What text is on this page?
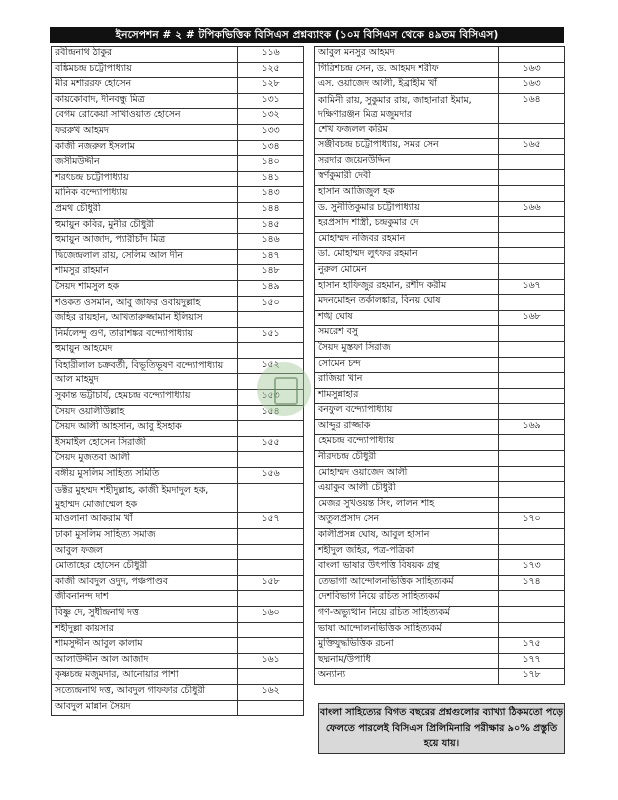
ইনসেপশন # ২ # টপিকভিত্তিক বিসিএস প্রশ্নব্যাংক (১০ম বিসিএস থেকে ৪৯তম বিসিএস)
রবীন্দ্রনাথ ঠাকুর	১১৬
বঙ্কিমচন্দ্র চট্টোপাধ্যায়	১২৫
মীর মশাররফ হোসেন	১২৮
কায়কোবাদ, দীনবন্ধু মিত্র	১৩১
বেগম রোকেয়া সাখাওয়াত হোসেন	১৩২
ফররুখ আহমদ	১৩৩
কাজী নজরুল ইসলাম	১৩৪
জসীমউদ্দীন	১৪০
শরৎচন্দ্র চট্টোপাধ্যায়	১৪১
মানিক বন্দ্যোপাধ্যায়	১৪৩
প্রমথ চৌধুরী	১৪৪
হুমায়ুন কবির, মুনীর চৌধুরী	১৪৫
হুমায়ুন আজাদ, প্যারীচাঁদ মিত্র	১৪৬
দ্বিজেন্দ্রলাল রায়, সেলিম আল দীন	১৪৭
শামসুর রাহমান	১৪৮
সৈয়দ শামসুল হক	১৪৯
শওকত ওসমান, আবু জাফর ওবায়দুল্লাহ	১৫০
জহির রায়হান, আখতারুজ্জামান ইলিয়াস	
নির্মলেন্দু গুণ, তারাশঙ্কর বন্দ্যোপাধ্যায়	১৫১
হুমায়ুন আহমেদ	
বিহারীলাল চক্রবর্তী, বিভূতিভূষণ বন্দ্যোপাধ্যায়	১৫২
আল মাহমুদ	
সুকান্ত ভট্টাচার্য, হেমচন্দ্র বন্দ্যোপাধ্যায়	১৫৩
সৈয়দ ওয়ালীউল্লাহ	১৫৪
সৈয়দ আলী আহসান, আবু ইসহাক	
ইসমাইল হোসেন সিরাজী	১৫৫
সৈয়দ মুজতবা আলী	
বঙ্গীয় মুসলিম সাহিত্য সমিতি	১৫৬
ডক্টর মুহম্মদ শহীদুল্লাহ, কাজী ইমদাদুল হক, মুহাম্মদ মোজাম্মেল হক	
মাওলানা আকরাম খাঁ	১৫৭
ঢাকা মুসলিম সাহিত্য সমাজ	
আবুল ফজল	
মোতাহের হোসেন চৌধুরী	
কাজী আবদুল ওদুদ, পঞ্চপাণ্ডব	১৫৮
জীবনানন্দ দাশ	
বিষ্ণু দে, সুধীন্দ্রনাথ দত্ত	১৬০
শহীদুল্লা কায়সার	
শামসুদ্দীন আবুল কালাম	
আলাউদ্দীন আল আজাদ	১৬১
কৃষ্ণচন্দ্র মজুমদার, আনোয়ার পাশা	
সত্যেন্দ্রনাথ দত্ত, আবদুল গাফফার চৌধুরী	১৬২
আবদুল মান্নান সৈয়দ	
আবুল মনসুর আহমদ	
গিরিশচন্দ্র সেন, ড. আহমদ শরীফ	১৬৩
এস. ওয়াজেদ আলী, ইব্রাহীম খাঁ	১৬৩
কামিনী রায়, সুকুমার রায়, জাহানারা ইমাম, দক্ষিণারঞ্জন মিত্র মজুমদার	১৬৪
শেখ ফজলল করিম	
সঞ্জীবচন্দ্র চট্টোপাধ্যায়, সমর সেন	১৬৫
সরদার জয়েনউদ্দিন	
স্বর্ণকুমারী দেবী	
হাসান আজিজুল হক	
ড. সুনীতিকুমার চট্টোপাধ্যায়	১৬৬
হরপ্রসাদ শাস্ত্রী, চন্দ্রকুমার দে	
মোহাম্মদ নজিবর রহমান	
ডা. মোহাম্মদ লুৎফর রহমান	
নুরুল মোমেন	
হাসান হাফিজুর রহমান, রশীদ করীম	১৬৭
মদনমোহন তর্কালঙ্কার, বিনয় ঘোষ	
শঙ্খ ঘোষ	১৬৮
সমরেশ বসু	
সৈয়দ মুস্তফা সিরাজ	
সোমেন চন্দ	
রাজিয়া খান	
শামসুন্নাহার	
বনফুল বন্দ্যোপাধ্যায়	
আব্দুর রাজ্জাক	১৬৯
হেমচন্দ্র বন্দ্যোপাধ্যায়	
নীরদচন্দ্র চৌধুরী	
মোহাম্মদ ওয়াজেদ আলী	
এয়াকুব আলী চৌধুরী	
মেজর সুখওয়ন্ত সিং, লালন শাহ	
অতুলপ্রসাদ সেন	১৭০
কালীপ্রসন্ন ঘোষ, আবুল হাসান	
শহীদুল জহির, পত্র-পত্রিকা	
বাংলা ভাষার উৎপত্তি বিষয়ক গ্রন্থ	১৭৩
তেভাগা আন্দোলনভিত্তিক সাহিত্যকর্ম	১৭৪
দেশবিভাগ নিয়ে রচিত সাহিত্যকর্ম	
গণ-অভ্যুত্থান নিয়ে রচিত সাহিত্যকর্ম	
ভাষা আন্দোলনভিত্তিক সাহিত্যকর্ম	
মুক্তিযুদ্ধভিত্তিক রচনা	১৭৫
ছদ্মনাম/উপাধি	১৭৭
অন্যান্য	১৭৮
বাংলা সাহিত্যের বিগত বছরের প্রশ্নগুলোর ব্যাখ্যা ঠিকমতো পড়ে ফেলতে পারলেই বিসিএস প্রিলিমিনারি পরীক্ষার ৯০% প্রস্তুতি হয়ে যায়।
